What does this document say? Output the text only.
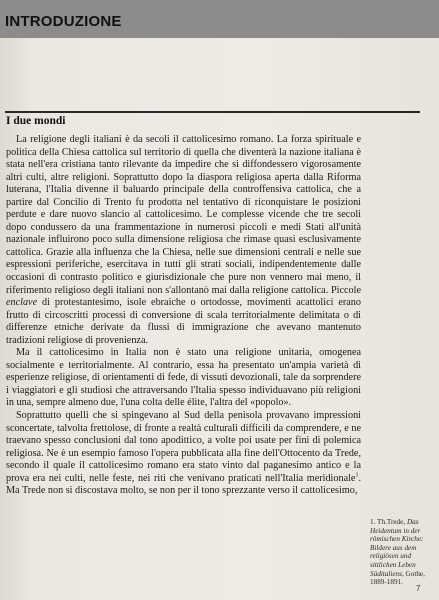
INTRODUZIONE
I due mondi

La religione degli italiani è da secoli il cattolicesimo romano. La forza spirituale e politica della Chiesa cattolica sul territorio di quella che diventerà la nazione italiana è stata nell'era cristiana tanto rilevante da impedire che si diffondessero vigorosamente altri culti, altre religioni. Soprattutto dopo la diaspora religiosa aperta dalla Riforma luterana, l'Italia divenne il baluardo principale della controffensiva cattolica, che a partire dal Concilio di Trento fu prodotta nel tentativo di riconquistare le posizioni perdute e dare nuovo slancio al cattolicesimo. Le complesse vicende che tre secoli dopo condussero da una frammentazione in numerosi piccoli e medi Stati all'unità nazionale influirono poco sulla dimensione religiosa che rimase quasi esclusivamente cattolica. Grazie alla influenza che la Chiesa, nelle sue dimensioni centrali e nelle sue espressioni periferiche, esercitava in tutti gli strati sociali, indipendentemente dalle occasioni di contrasto politico e giurisdizionale che pure non vennero mai meno, il riferimento religioso degli italiani non s'allontanò mai dalla religione cattolica. Piccole enclave di protestantesimo, isole ebraiche o ortodosse, movimenti acattolici erano frutto di circoscritti processi di conversione di scala territorialmente delimitata o di differenze etniche derivate da flussi di immigrazione che avevano mantenuto tradizioni religiose di provenienza.

Ma il cattolicesimo in Italia non è stato una religione unitaria, omogenea socialmente e territorialmente. Al contrario, essa ha presentato un'ampia varietà di esperienze religiose, di orientamenti di fede, di vissuti devozionali, tale da sorprendere i viaggiatori e gli studiosi che attraversando l'Italia spesso individuavano più religioni in una, sempre almeno due, l'una colta delle élite, l'altra del «popolo».

Soprattutto quelli che si spingevano al Sud della penisola provavano impressioni sconcertate, talvolta frettolose, di fronte a realtà culturali difficili da comprendere, e ne traevano spesso conclusioni dal tono apodittico, a volte poi usate per fini di polemica religiosa. Ne è un esempio famoso l'opera pubblicata alla fine dell'Ottocento da Trede, secondo il quale il cattolicesimo romano era stato vinto dal paganesimo antico e la prova era nei culti, nelle feste, nei riti che venivano praticati nell'Italia meridionale$^1$. Ma Trede non si discostava molto, se non per il tono sprezzante verso il cattolicesimo,

1. Th.Trede, Das Heidentum in der römischen Kirche: Bildere aus dem religiösen und sittlichen Leben Süditaliens, Gothe, 1889-1891.
7
